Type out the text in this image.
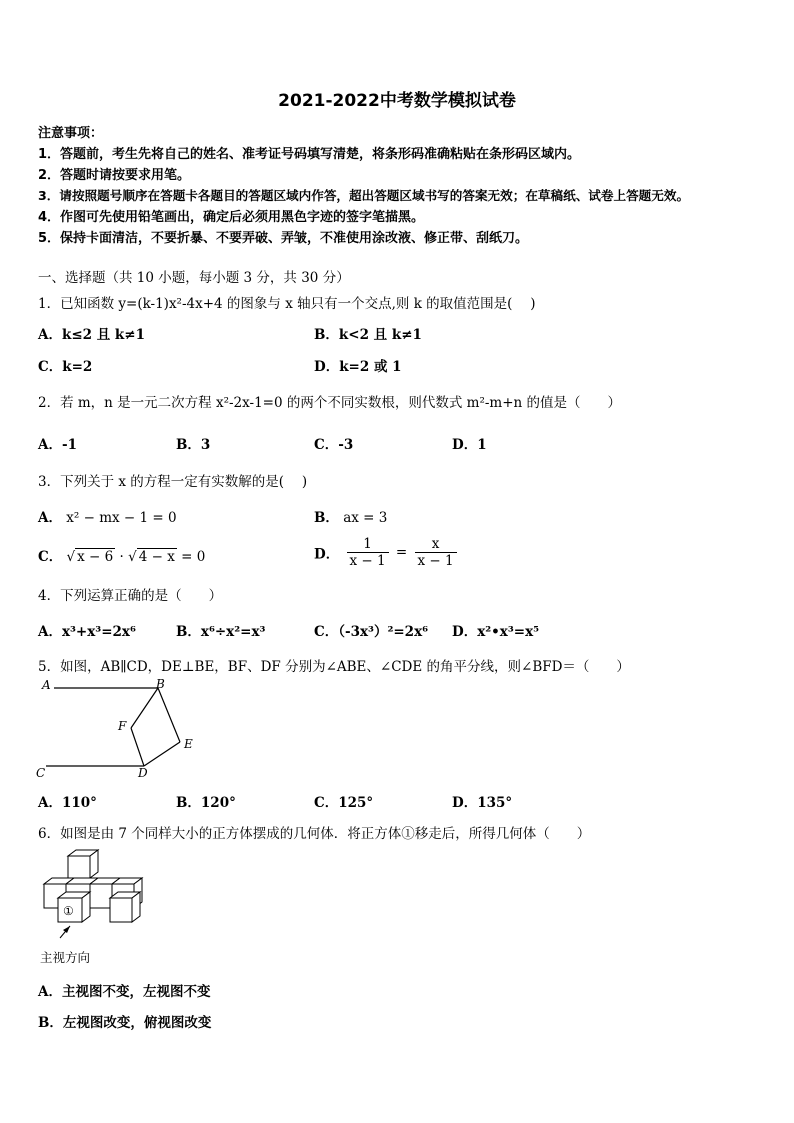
2021-2022中考数学模拟试卷
注意事项：
1．答题前，考生先将自己的姓名、准考证号码填写清楚，将条形码准确粘贴在条形码区域内。
2．答题时请按要求用笔。
3．请按照题号顺序在答题卡各题目的答题区域内作答，超出答题区域书写的答案无效；在草稿纸、试卷上答题无效。
4．作图可先使用铅笔画出，确定后必须用黑色字迹的签字笔描黑。
5．保持卡面清洁，不要折暴、不要弄破、弄皱，不准使用涂改液、修正带、刮纸刀。
一、选择题（共 10 小题，每小题 3 分，共 30 分）
1．已知函数 y=(k-1)x²-4x+4 的图象与 x 轴只有一个交点,则 k 的取值范围是(　 )
A．k≤2 且 k≠1	B．k<2 且 k≠1
C．k=2	D．k=2 或 1
2．若 m，n 是一元二次方程 x²-2x-1=0 的两个不同实数根，则代数式 m²-m+n 的值是（　　）
A．-1	B．3	C．-3	D．1
3．下列关于 x 的方程一定有实数解的是(　 )
A． x² − mx − 1 = 0	B． ax = 3
C． √ x − 6 · √ 4 − x = 0	D． $\frac{1}{x - 1} = \frac{x}{x - 1}$
4．下列运算正确的是（　　）
A．x³+x³=2x⁶	B．x⁶÷x²=x³	C．（-3x³）²=2x⁶ D．x²•x³=x⁵
5．如图，AB∥CD，DE⊥BE，BF、DF 分别为∠ABE、∠CDE 的角平分线，则∠BFD＝（　　）
A	B
C	D
E
F
A．110°	B．120°	C．125°	D．135°
6．如图是由 7 个同样大小的正方体摆成的几何体．将正方体①移走后，所得几何体（　　）
①
主视方向
A．主视图不变，左视图不变
B．左视图改变，俯视图改变
